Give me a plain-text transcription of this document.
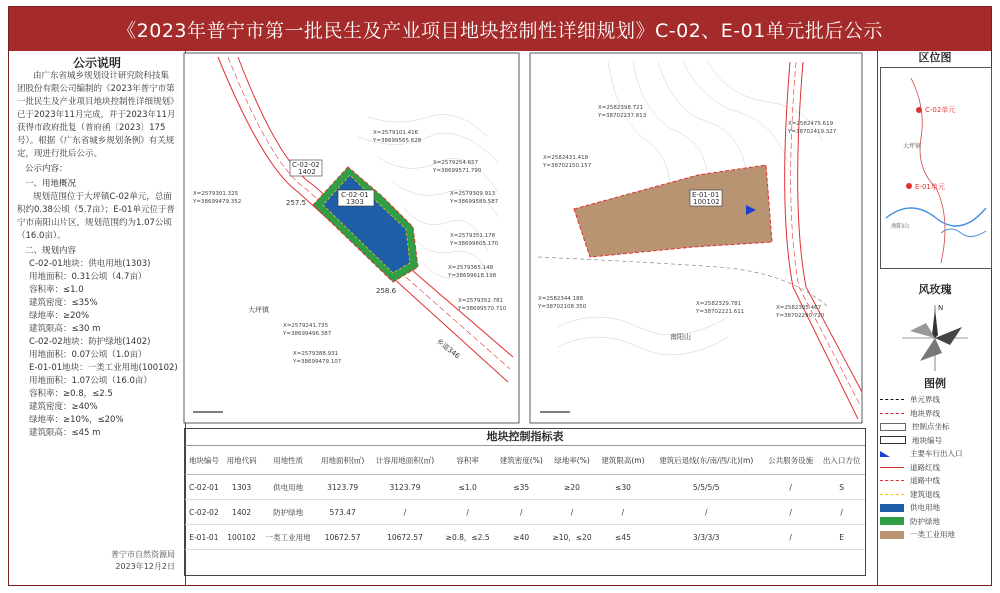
《2023年普宁市第一批民生及产业项目地块控制性详细规划》C-02、E-01单元批后公示
公示说明
由广东省城乡规划设计研究院科技集团股份有限公司编制的《2023年普宁市第一批民生及产业项目地块控制性详细规划》已于2023年11月完成，并于2023年11月获得市政府批复（普府函〔2023〕175号）。根据《广东省城乡规划条例》有关规定，现进行批后公示。
公示内容：
一、用地概况
规划范围位于大坪镇C-02单元，总面积约0.38公顷（5.7亩）；E-01单元位于普宁市南阳山片区，规划范围约为1.07公顷（16.0亩）。
二、规划内容
C-02-01地块：供电用地(1303)
用地面积：0.31公顷（4.7亩）
容积率：≤1.0
建筑密度：≤35%
绿地率：≥20%
建筑限高：≤30 m
C-02-02地块：防护绿地(1402)
用地面积：0.07公顷（1.0亩）
E-01-01地块：一类工业用地(100102)
用地面积：1.07公顷（16.0亩）
容积率：≥0.8，≤2.5
建筑密度：≥40%
绿地率：≥10%，≤20%
建筑限高：≤45 m
普宁市自然资源局
2023年12月2日
区位图
C-02单元
E-01单元
大坪镇
南阳山
风玫瑰
N
图例
单元界线
地块界线
控制点坐标
地块编号
主要车行出入口
道路红线
道路中线
建筑退线
供电用地
防护绿地
一类工业用地
乡道346
大坪镇
C-02-01
1303
C-02-02
1402
257.5
258.6
X=2579101.416
Y=38699565.628
X=2579254.657
Y=38699571.790
X=2579309.913
Y=38699589.587
X=2579351.178
Y=38699605.170
X=2579365.148
Y=38699618.198
X=2579352.781
Y=38699570.710
X=2579301.325
Y=38699479.352
X=2579241.735
Y=38699496.387
X=2579388.931
Y=38699479.107
南阳山
E-01-01
100102
X=2582431.418
Y=38702150.157
X=2582398.721
Y=38702237.813
X=2582475.619
Y=38702419.327
X=2582344.188
Y=38702108.350	X=2582329.781
Y=38702221.611
X=2582305.467
Y=38702290.720
地块控制指标表
地块编号	用地代码	用地性质	用地面积(㎡)	计容用地面积(㎡)	容积率	建筑密度(%)	绿地率(%)	建筑限高(m)	建筑后退线(东/南/西/北)(m)	公共服务设施	出入口方位
C-02-01	1303	供电用地	3123.79	3123.79	≤1.0	≤35	≥20	≤30	5/5/5/5	/	S
C-02-02	1402	防护绿地	573.47	/	/	/	/	/	/	/	/
E-01-01	100102	一类工业用地	10672.57	10672.57	≥0.8，≤2.5	≥40	≥10，≤20	≤45	3/3/3/3	/	E
